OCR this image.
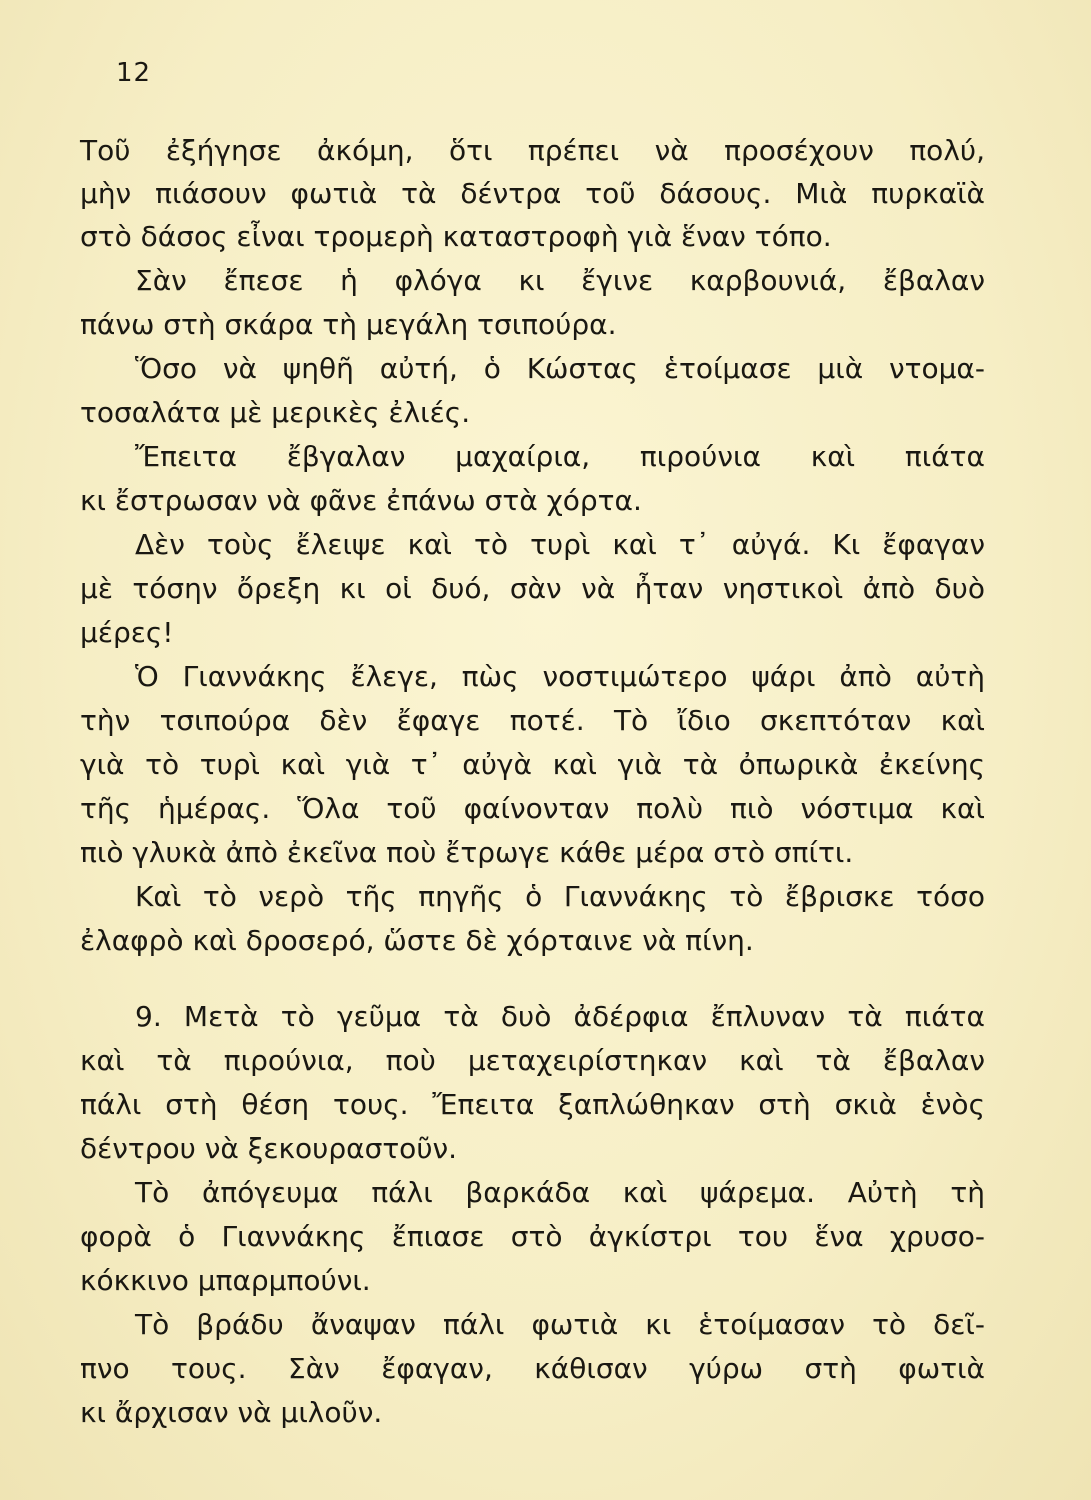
12
Τοῦ ἐξήγησε ἀκόμη, ὅτι πρέπει νὰ προσέχουν πολύ,
μὴν πιάσουν φωτιὰ τὰ δέντρα τοῦ δάσους. Μιὰ πυρκαϊὰ
στὸ δάσος εἶναι τρομερὴ καταστροφὴ γιὰ ἕναν τόπο.
Σὰν ἔπεσε ἡ φλόγα κι ἔγινε καρβουνιά, ἔβαλαν
πάνω στὴ σκάρα τὴ μεγάλη τσιπούρα.
Ὅσο νὰ ψηθῆ αὐτή, ὁ Κώστας ἑτοίμασε μιὰ ντομα-
τοσαλάτα μὲ μερικὲς ἐλιές.
Ἔπειτα ἔβγαλαν μαχαίρια, πιρούνια καὶ πιάτα
κι ἔστρωσαν νὰ φᾶνε ἐπάνω στὰ χόρτα.
Δὲν τοὺς ἔλειψε καὶ τὸ τυρὶ καὶ τ᾿ αὐγά. Κι ἔφαγαν
μὲ τόσην ὄρεξη κι οἱ δυό, σὰν νὰ ἦταν νηστικοὶ ἀπὸ δυὸ
μέρες!
Ὁ Γιαννάκης ἔλεγε, πὼς νοστιμώτερο ψάρι ἀπὸ αὐτὴ
τὴν τσιπούρα δὲν ἔφαγε ποτέ. Τὸ ἴδιο σκεπτόταν καὶ
γιὰ τὸ τυρὶ καὶ γιὰ τ᾿ αὐγὰ καὶ γιὰ τὰ ὀπωρικὰ ἐκείνης
τῆς ἡμέρας. Ὅλα τοῦ φαίνονταν πολὺ πιὸ νόστιμα καὶ
πιὸ γλυκὰ ἀπὸ ἐκεῖνα ποὺ ἔτρωγε κάθε μέρα στὸ σπίτι.
Καὶ τὸ νερὸ τῆς πηγῆς ὁ Γιαννάκης τὸ ἔβρισκε τόσο
ἐλαφρὸ καὶ δροσερό, ὥστε δὲ χόρταινε νὰ πίνη.
9. Μετὰ τὸ γεῦμα τὰ δυὸ ἀδέρφια ἔπλυναν τὰ πιάτα
καὶ τὰ πιρούνια, ποὺ μεταχειρίστηκαν καὶ τὰ ἔβαλαν
πάλι στὴ θέση τους. Ἔπειτα ξαπλώθηκαν στὴ σκιὰ ἑνὸς
δέντρου νὰ ξεκουραστοῦν.
Τὸ ἀπόγευμα πάλι βαρκάδα καὶ ψάρεμα. Αὐτὴ τὴ
φορὰ ὁ Γιαννάκης ἔπιασε στὸ ἀγκίστρι του ἕνα χρυσο-
κόκκινο μπαρμπούνι.
Τὸ βράδυ ἄναψαν πάλι φωτιὰ κι ἑτοίμασαν τὸ δεῖ-
πνο τους. Σὰν ἔφαγαν, κάθισαν γύρω στὴ φωτιὰ
κι ἄρχισαν νὰ μιλοῦν.
